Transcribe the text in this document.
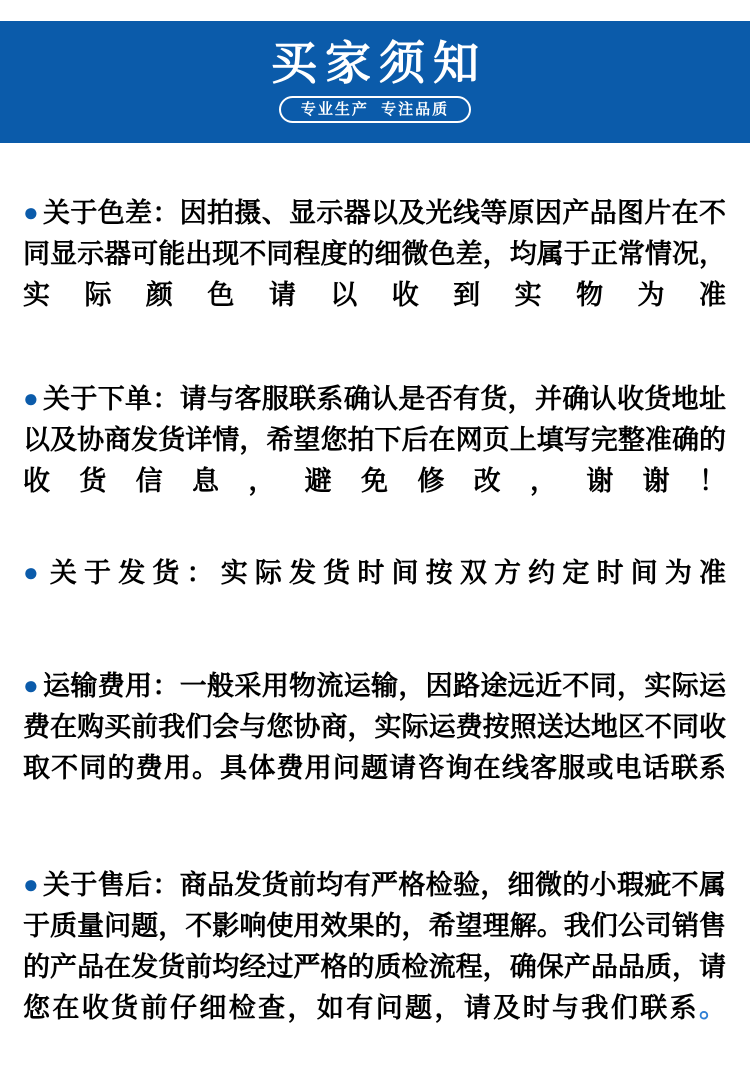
买家须知
专业生产  专注品质

● 关于色差：因拍摄、显示器以及光线等原因产品图片在不同显示器可能出现不同程度的细微色差，均属于正常情况，实际颜色请以收到实物为准

● 关于下单：请与客服联系确认是否有货，并确认收货地址以及协商发货详情，希望您拍下后在网页上填写完整准确的收货信息，避免修改，谢谢！

● 关于发货：实际发货时间按双方约定时间为准

● 运输费用：一般采用物流运输，因路途远近不同，实际运费在购买前我们会与您协商，实际运费按照送达地区不同收取不同的费用。具体费用问题请咨询在线客服或电话联系

● 关于售后：商品发货前均有严格检验，细微的小瑕疵不属于质量问题，不影响使用效果的，希望理解。我们公司销售的产品在发货前均经过严格的质检流程，确保产品品质，请您在收货前仔细检查，如有问题，请及时与我们联系。
